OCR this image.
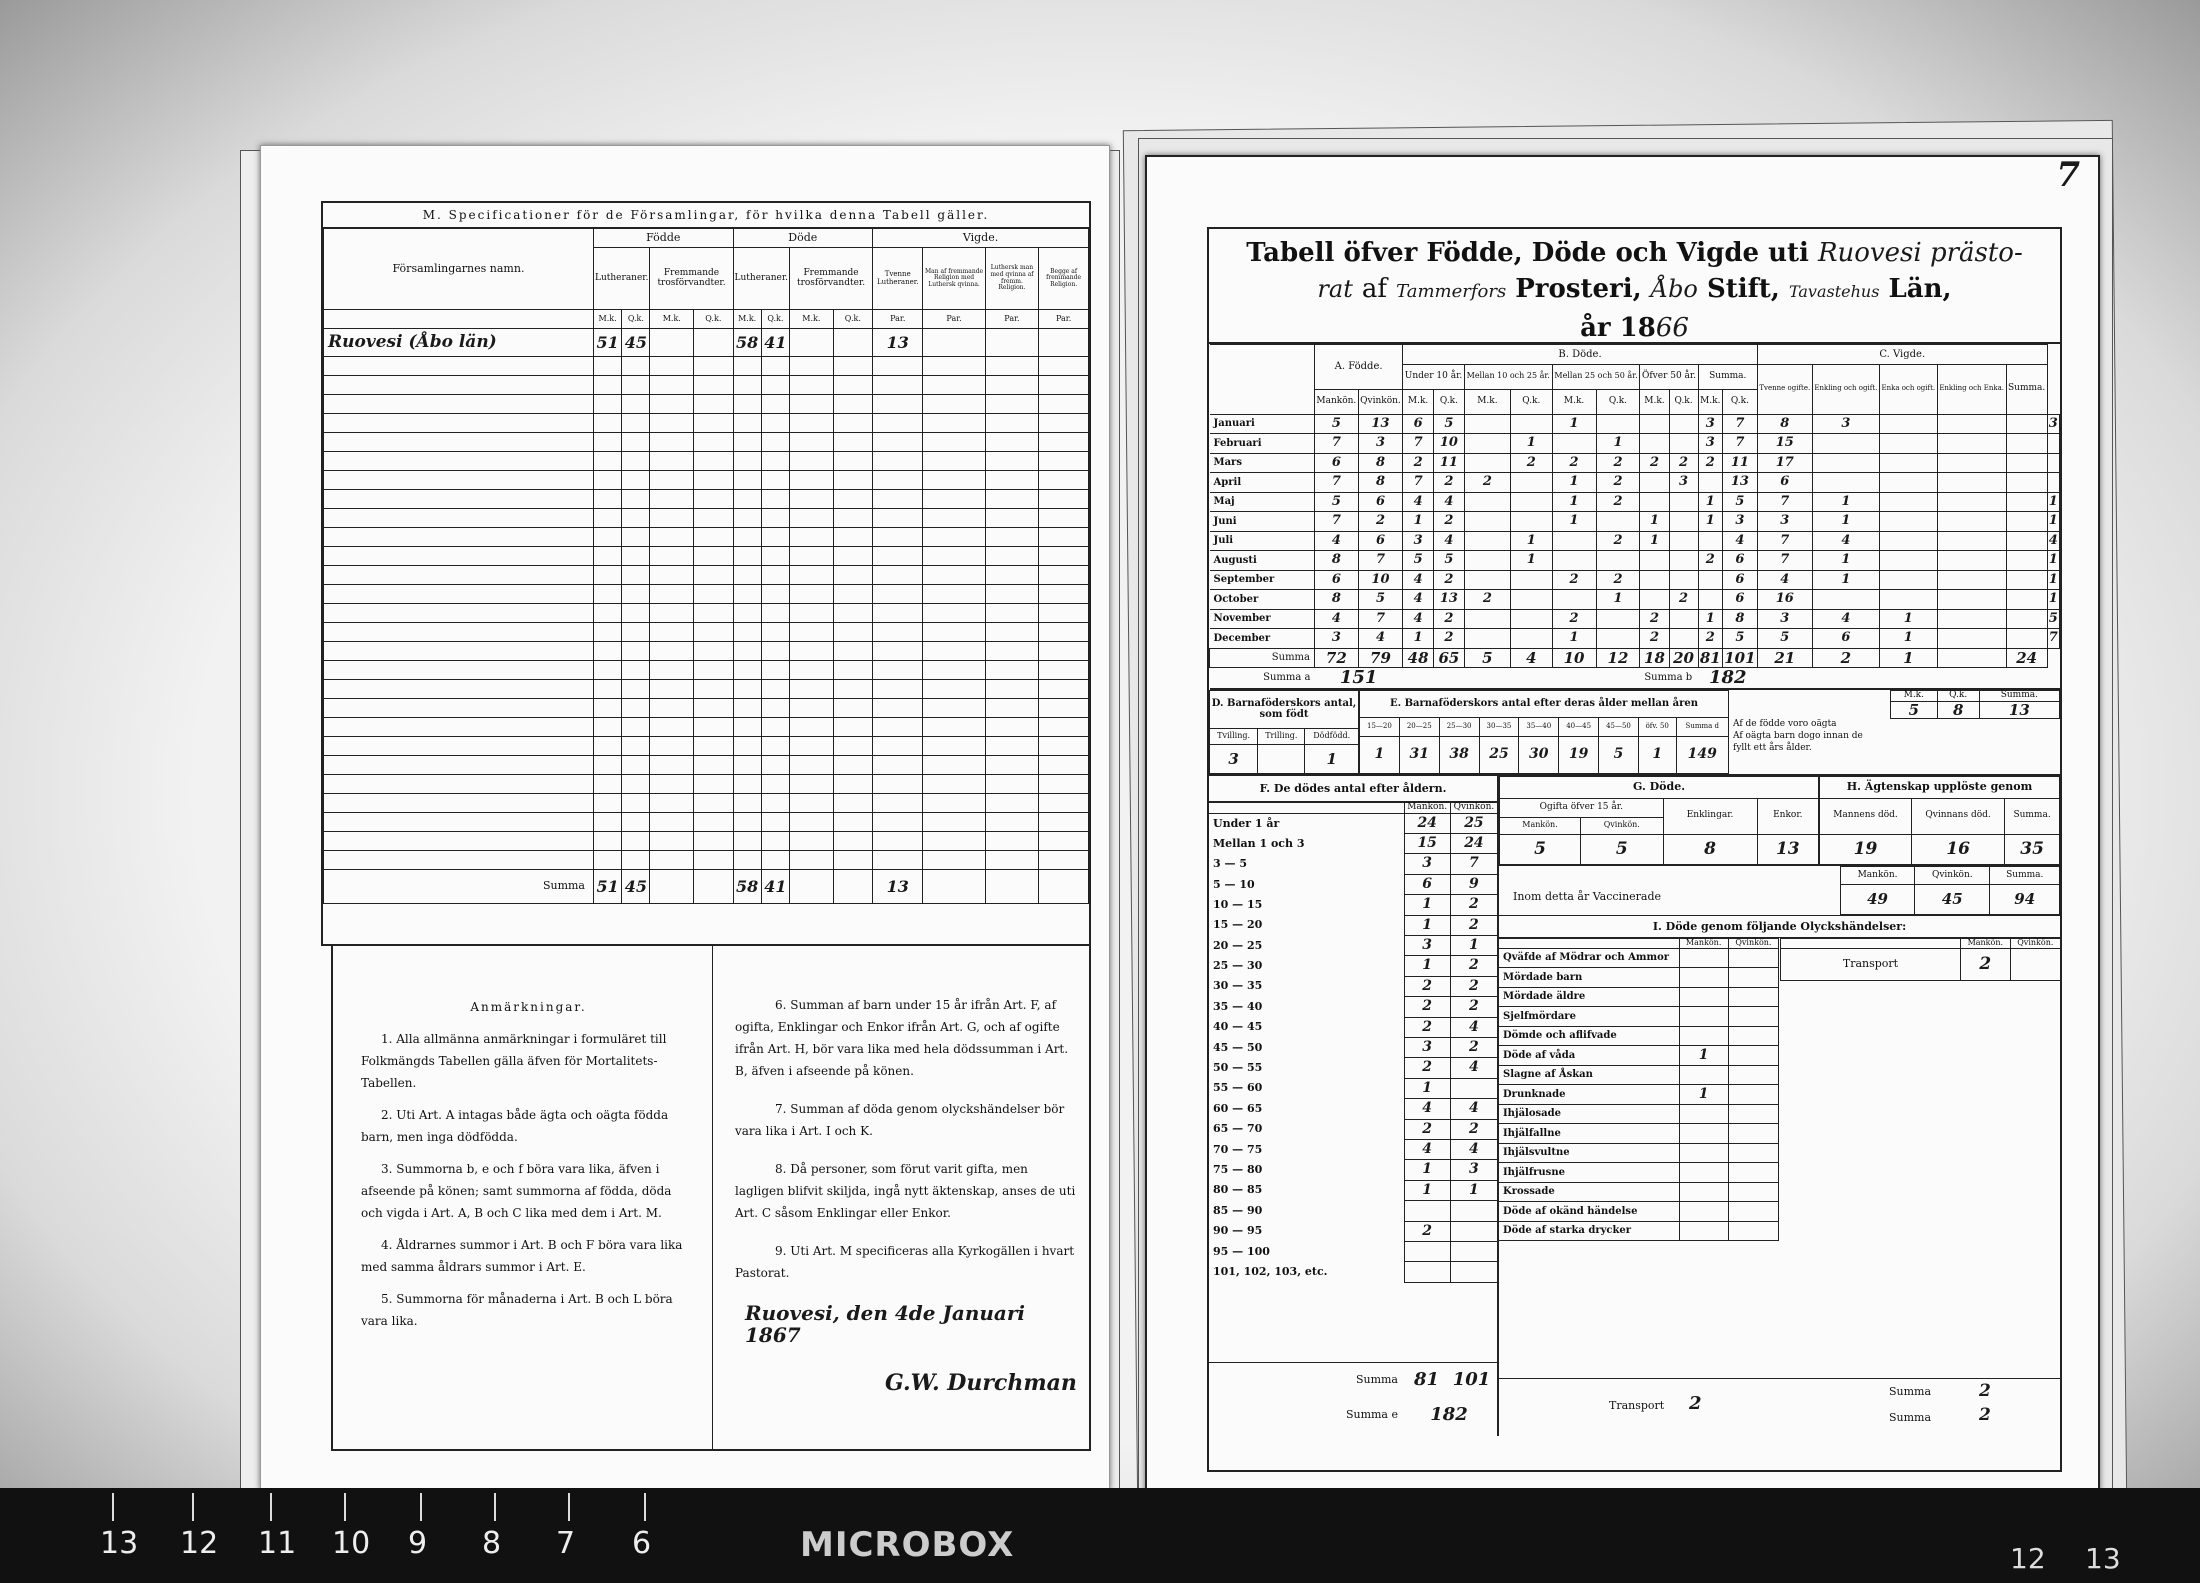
M. Specificationer för de Församlingar, för hvilka denna Tabell gäller.
Församlingarnes namn.	Födde				Döde				Vigde.			
	Lutheraner.		Fremmande trosförvandter.		Lutheraner.		Fremmande trosförvandter.		Tvenne Lutheraner.	Man af fremmande Religion med Luthersk qvinna.	Luthersk man med qvinna af fremm. Religion.	Begge af fremmande Religion.
	M.k.	Q.k.	M.k.	Q.k.	M.k.	Q.k.	M.k.	Q.k.	Par.	Par.	Par.	Par.
Ruovesi (Åbo län)	51	45			58	41			13			

Summa	51	45			58	41			13			
Anmärkningar.

1. Alla allmänna anmärkningar i formuläret till Folkmängds Tabellen gälla äfven för Mortalitets-Tabellen.

2. Uti Art. A intagas både ägta och oägta födda barn, men inga dödfödda.

3. Summorna b, e och f böra vara lika, äfven i afseende på könen; samt summorna af födda, döda och vigda i Art. A, B och C lika med dem i Art. M.

4. Åldrarnes summor i Art. B och F böra vara lika med samma åldrars summor i Art. E.

5. Summorna för månaderna i Art. B och L böra vara lika.

6. Summan af barn under 15 år ifrån Art. F, af ogifta, Enklingar och Enkor ifrån Art. G, och af ogifte ifrån Art. H, bör vara lika med hela dödssumman i Art. B, äfven i afseende på könen.

7. Summan af döda genom olyckshändelser bör vara lika i Art. I och K.

8. Då personer, som förut varit gifta, men lagligen blifvit skiljda, ingå nytt äktenskap, anses de uti Art. C såsom Enklingar eller Enkor.

9. Uti Art. M specificeras alla Kyrkogällen i hvart Pastorat.

Ruovesi, den 4de Januari 1867
G.W. Durchman
7
Tabell öfver Födde, Döde och Vigde uti Ruovesi prästo-
rat af Tammerfors Prosteri, Åbo Stift, Tavastehus Län,
år 1866
	A. Födde.		B. Döde.										C. Vigde.					
			Under 10 år.		Mellan 10 och 25 år.		Mellan 25 och 50 år.		Öfver 50 år.		Summa.		Tvenne ogifte.	Enkling och ogift.	Enka och ogift.	Enkling och Enka.	Summa.	
	Mankön.	Qvinkön.	M.k.	Q.k.	M.k.	Q.k.	M.k.	Q.k.	M.k.	Q.k.	M.k.	Q.k.						
Januari	5	13	6	5			1				3	7	8	3				3
Februari	7	3	7	10		1		1			3	7	15					
Mars	6	8	2	11		2	2	2	2	2	2	11	17					
April	7	8	7	2	2		1	2		3		13	6					
Maj	5	6	4	4			1	2			1	5	7	1				1
Juni	7	2	1	2			1		1		1	3	3	1				1
Juli	4	6	3	4		1		2	1			4	7	4				4
Augusti	8	7	5	5		1					2	6	7	1				1
September	6	10	4	2			2	2				6	4	1				1
October	8	5	4	13	2			1		2		6	16					1
November	4	7	4	2			2		2		1	8	3	4	1			5
December	3	4	1	2			1		2		2	5	5	6	1			7
Summa	72	79	48	65	5	4	10	12	18	20	81	101	21	2	1		24	
Summa a	151		Summa b								182							
D. Barnaföderskors antal, som födt		
Tvilling.	Trilling.	Dödfödd.
3		1
E. Barnaföderskors antal efter deras ålder mellan åren								
15—20	20—25	25—30	30—35	35—40	40—45	45—50	öfv. 50	Summa d
1	31	38	25	30	19	5	1	149
Af de födde voro oägta
Af oägta barn dogo innan de fyllt ett års ålder.
M.k.	Q.k.	Summa.
5	8	13
F. De dödes antal efter åldern.
	Mankön.	Qvinkön.
Under 1 år	24	25
Mellan 1 och 3	15	24
3 — 5	3	7
5 — 10	6	9
10 — 15	1	2
15 — 20	1	2
20 — 25	3	1
25 — 30	1	2
30 — 35	2	2
35 — 40	2	2
40 — 45	2	4
45 — 50	3	2
50 — 55	2	4
55 — 60	1	
60 — 65	4	4
65 — 70	2	2
70 — 75	4	4
75 — 80	1	3
80 — 85	1	1
85 — 90		
90 — 95	2	
95 — 100		
101, 102, 103, etc.		
Summa 81 101
Summa e	182
G. Döde.			
Ogifta öfver 15 år.		Enklingar.	Enkor.
Mankön.	Qvinkön.		
5	5	8	13
H. Ägtenskap upplöste genom		
Mannens död.	Qvinnans död.	Summa.
19	16	35
Inom detta år Vaccinerade
Mankön.	Qvinkön.	Summa.
49	45	94
I. Döde genom följande Olyckshändelser:
	Mankön.	Qvinkön.
Qväfde af Mödrar och Ammor		
Mördade barn		
Mördade äldre		
Sjelfmördare		
Dömde och aflifvade		
Döde af våda	1	
Slagne af Åskan		
Drunknade	1	
Ihjälosade		
Ihjälfallne		
Ihjälsvultne		
Ihjälfrusne		
Krossade		
Döde af okänd händelse		
Döde af starka drycker		
	Mankön.	Qvinkön.
Transport	2	
Transport 2
Summa	2
Summa	2
13 12 11 10 9 8 7 6	MICROBOX	12 13
